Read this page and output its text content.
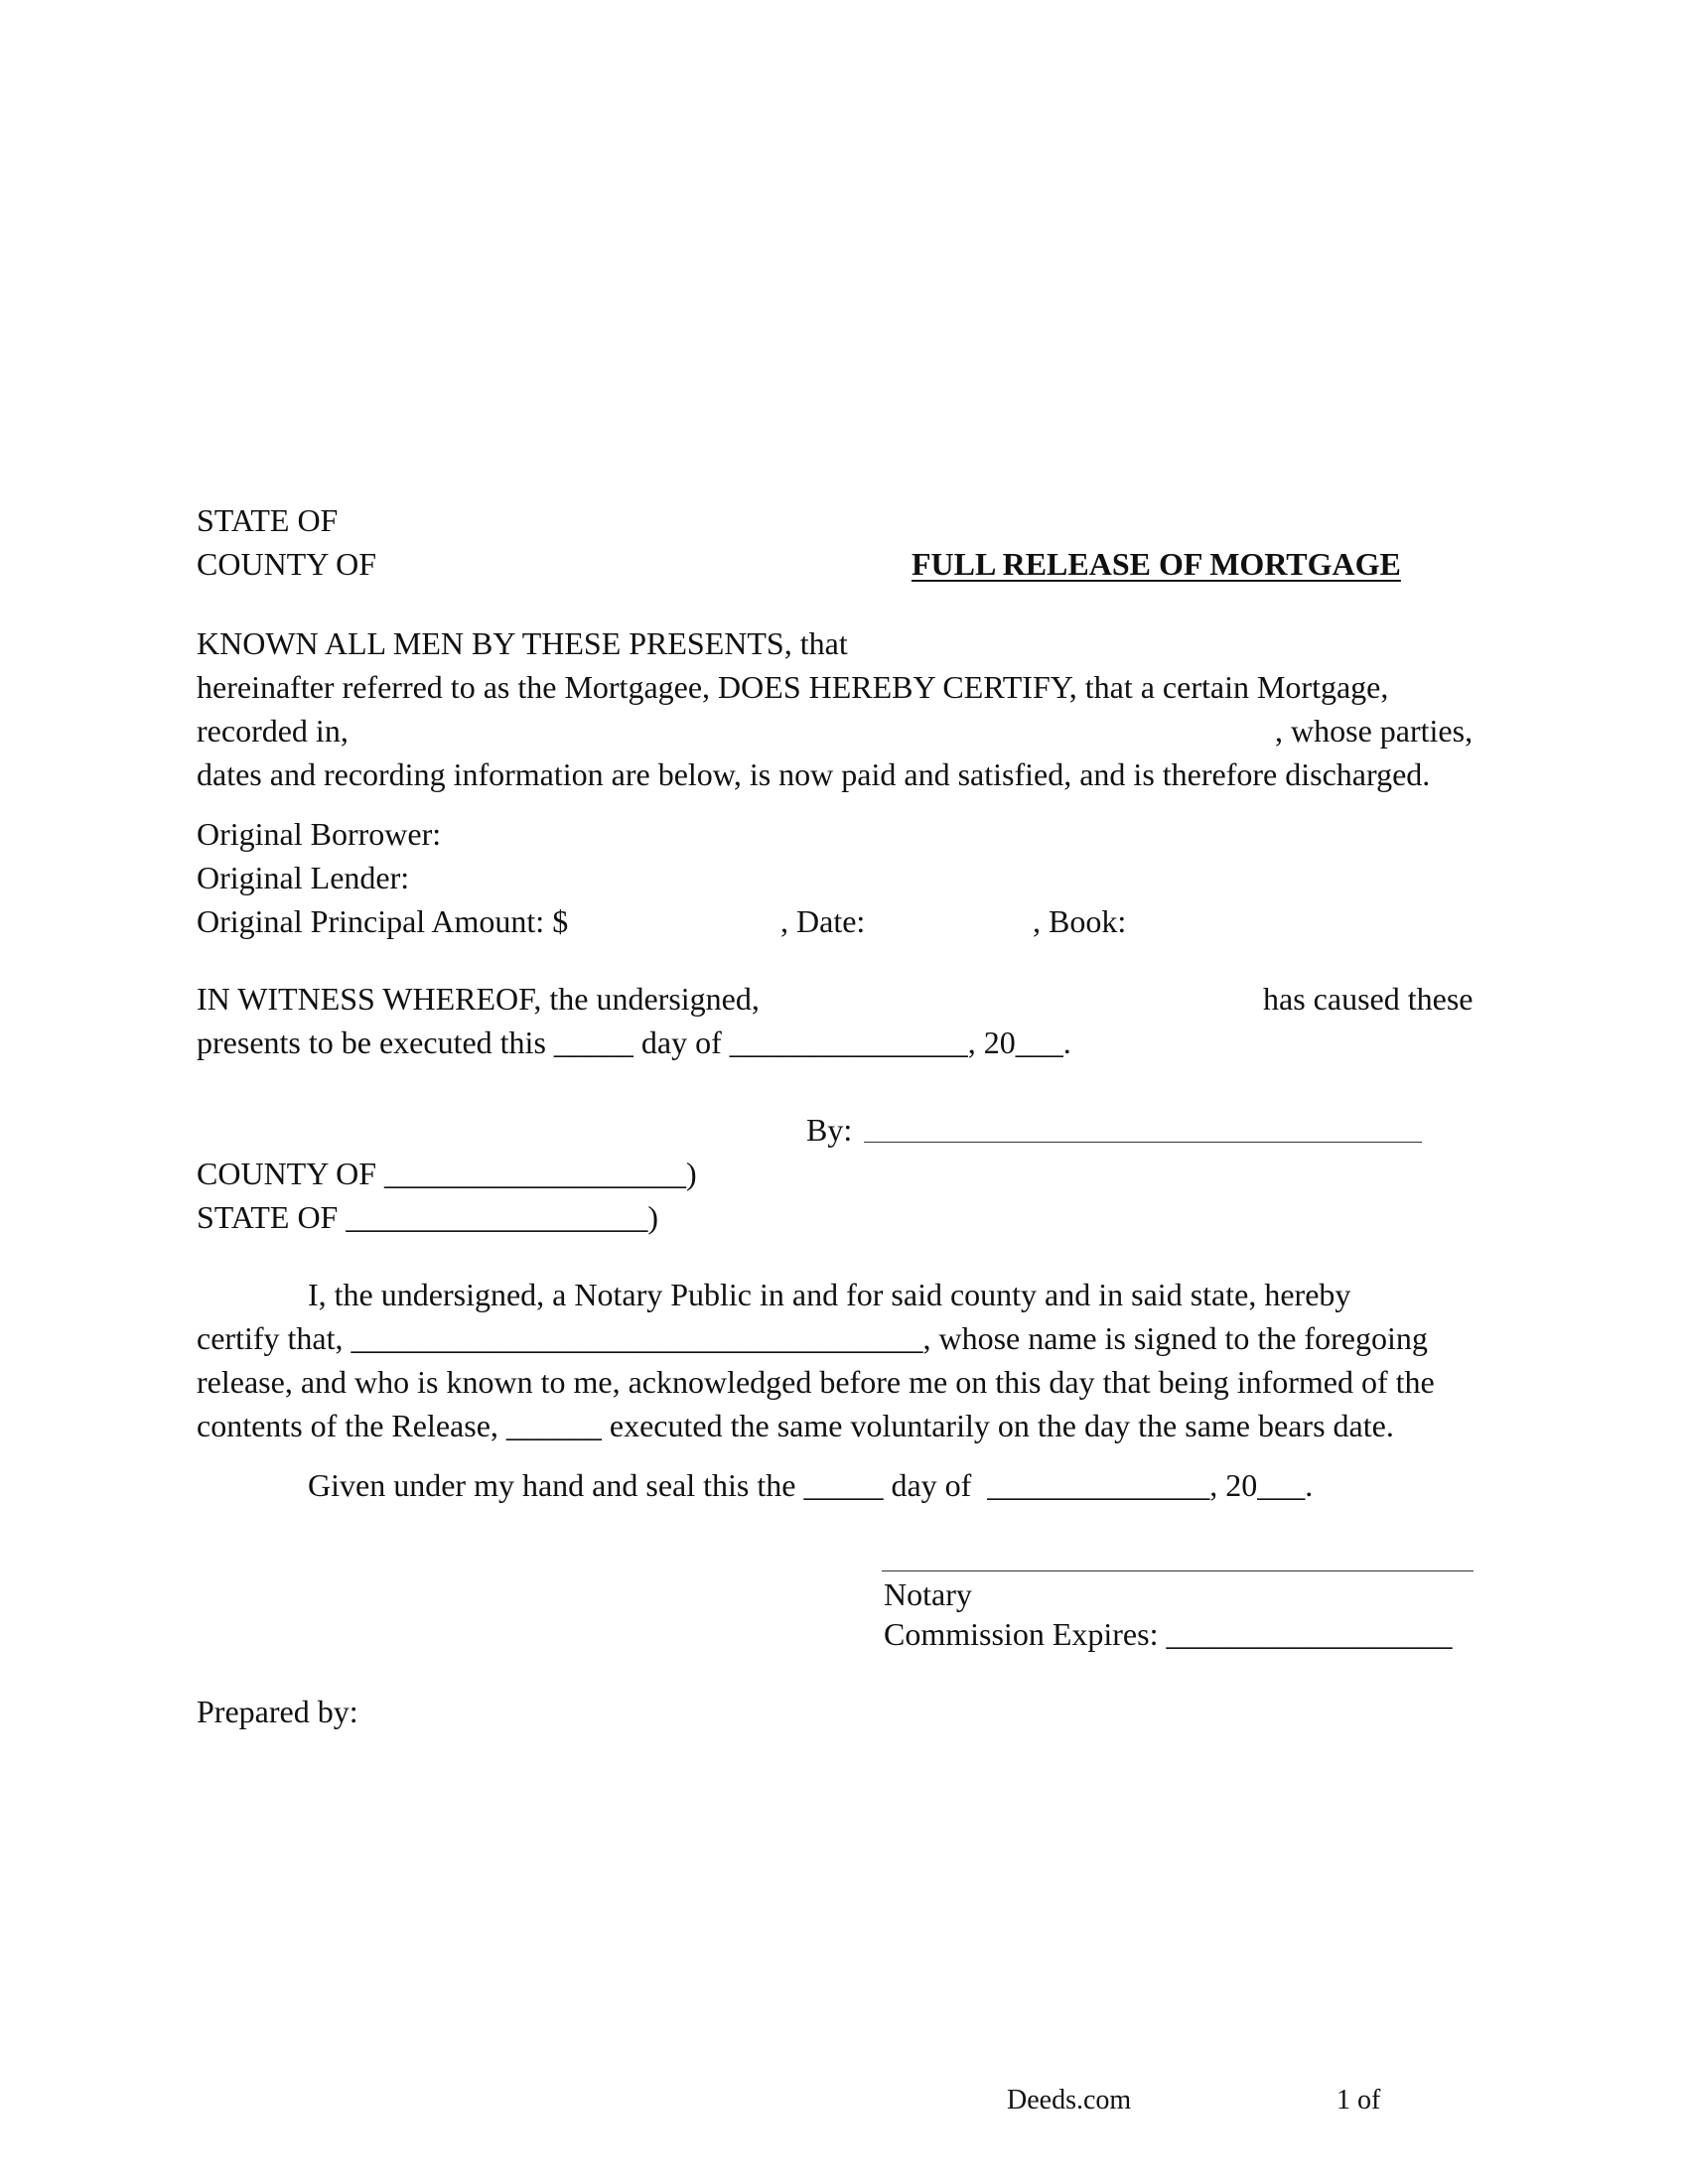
STATE OF
COUNTY OF	FULL RELEASE OF MORTGAGE
KNOWN ALL MEN BY THESE PRESENTS, that
hereinafter referred to as the Mortgagee, DOES HEREBY CERTIFY, that a certain Mortgage,
recorded in,	, whose parties,
dates and recording information are below, is now paid and satisfied, and is therefore discharged.
Original Borrower:
Original Lender:
Original Principal Amount: $	, Date:	, Book:
IN WITNESS WHEREOF, the undersigned,	has caused these
presents to be executed this _____ day of _______________, 20___.
By:
COUNTY OF ___________________)
STATE OF ___________________)
I, the undersigned, a Notary Public in and for said county and in said state, hereby
certify that, ____________________________________, whose name is signed to the foregoing
release, and who is known to me, acknowledged before me on this day that being informed of the
contents of the Release, ______ executed the same voluntarily on the day the same bears date.
Given under my hand and seal this the _____ day of  ______________, 20___.
Notary
Commission Expires: __________________
Prepared by:
Deeds.com	1 of
